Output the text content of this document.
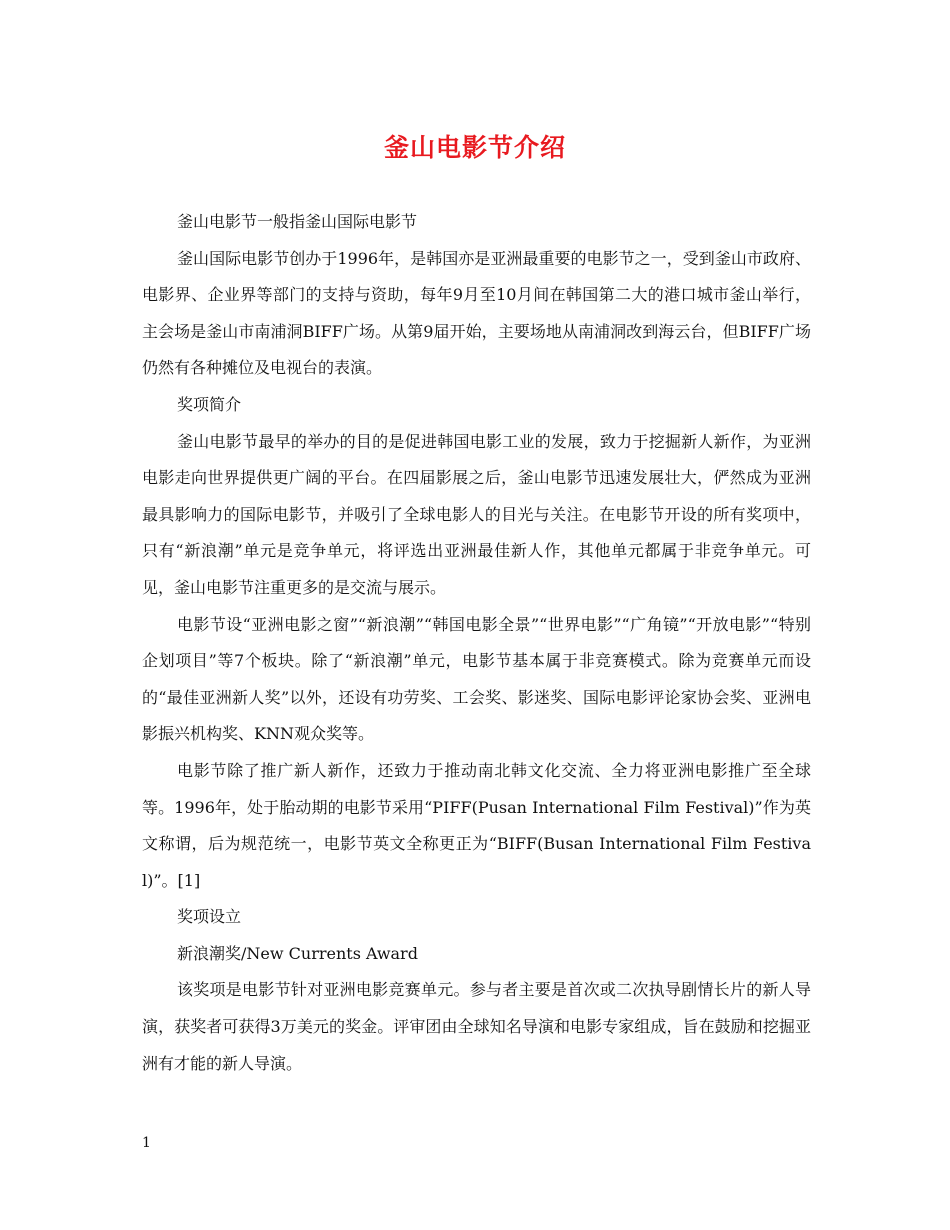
釜山电影节介绍

釜山电影节一般指釜山国际电影节

釜山国际电影节创办于1996年，是韩国亦是亚洲最重要的电影节之一，受到釜山市政府、电影界、企业界等部门的支持与资助，每年9月至10月间在韩国第二大的港口城市釜山举行，主会场是釜山市南浦洞BIFF广场。从第9届开始，主要场地从南浦洞改到海云台，但BIFF广场仍然有各种摊位及电视台的表演。

奖项简介

釜山电影节最早的举办的目的是促进韩国电影工业的发展，致力于挖掘新人新作，为亚洲电影走向世界提供更广阔的平台。在四届影展之后，釜山电影节迅速发展壮大，俨然成为亚洲最具影响力的国际电影节，并吸引了全球电影人的目光与关注。在电影节开设的所有奖项中，只有“新浪潮”单元是竞争单元，将评选出亚洲最佳新人作，其他单元都属于非竞争单元。可见，釜山电影节注重更多的是交流与展示。

电影节设“亚洲电影之窗”“新浪潮”“韩国电影全景”“世界电影”“广角镜”“开放电影”“特别企划项目”等7个板块。除了“新浪潮”单元，电影节基本属于非竞赛模式。除为竞赛单元而设的“最佳亚洲新人奖”以外，还设有功劳奖、工会奖、影迷奖、国际电影评论家协会奖、亚洲电影振兴机构奖、KNN观众奖等。

电影节除了推广新人新作，还致力于推动南北韩文化交流、全力将亚洲电影推广至全球等。1996年，处于胎动期的电影节采用“PIFF(Pusan International Film Festival)”作为英文称谓，后为规范统一，电影节英文全称更正为“BIFF(Busan International Film Festival)”。[1]

奖项设立

新浪潮奖/New Currents Award

该奖项是电影节针对亚洲电影竞赛单元。参与者主要是首次或二次执导剧情长片的新人导演，获奖者可获得3万美元的奖金。评审团由全球知名导演和电影专家组成，旨在鼓励和挖掘亚洲有才能的新人导演。

1
